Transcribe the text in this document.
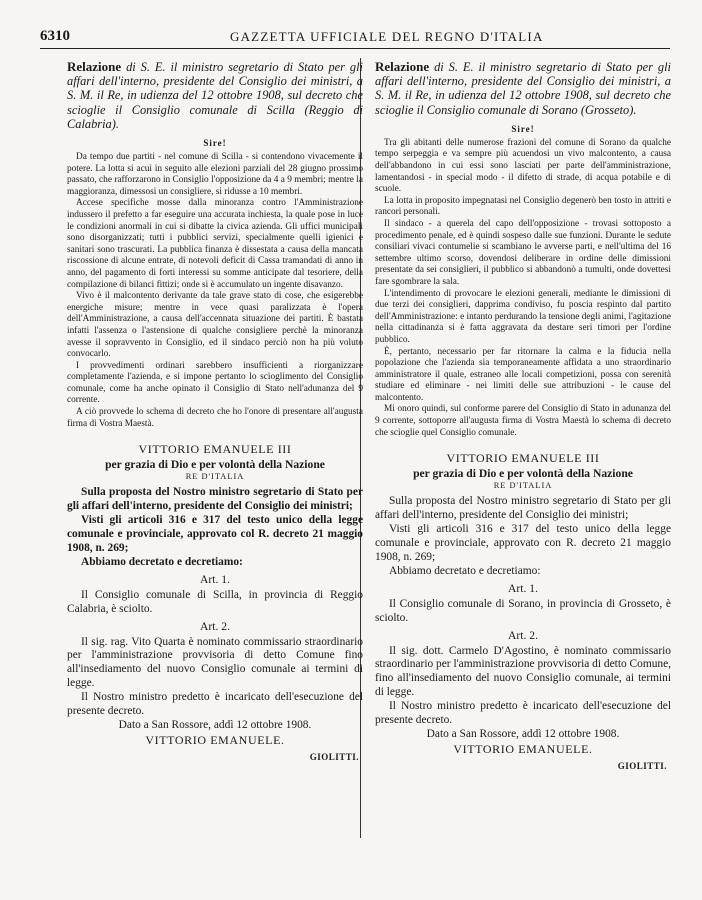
6310	GAZZETTA UFFICIALE DEL REGNO D'ITALIA

Relazione di S. E. il ministro segretario di Stato per gli affari dell'interno, presidente del Consiglio dei ministri, a S. M. il Re, in udienza del 12 ottobre 1908, sul decreto che scioglie il Consiglio comunale di Scilla (Reggio di Calabria).

Sire!

Da tempo due partiti - nel comune di Scilla - si contendono vivacemente il potere. La lotta si acuì in seguito alle elezioni parziali del 28 giugno prossimo passato, che rafforzarono in Consiglio l'opposizione da 4 a 9 membri; mentre la maggioranza, dimessosi un consigliere, si ridusse a 10 membri.

Accese specifiche mosse dalla minoranza contro l'Amministrazione indussero il prefetto a far eseguire una accurata inchiesta, la quale pose in luce le condizioni anormali in cui si dibatte la civica azienda. Gli uffici municipali sono disorganizzati; tutti i pubblici servizi, specialmente quelli igienici e sanitari sono trascurati. La pubblica finanza è dissestata a causa della mancata riscossione di alcune entrate, di notevoli deficit di Cassa tramandati di anno in anno, del pagamento di forti interessi su somme anticipate dal tesoriere, della compilazione di bilanci fittizi; onde si è accumulato un ingente disavanzo.

Vivo è il malcontento derivante da tale grave stato di cose, che esigerebbe energiche misure; mentre in vece quasi paralizzata è l'opera dell'Amministrazione, a causa dell'accennata situazione dei partiti. È bastata infatti l'assenza o l'astensione di qualche consigliere perchè la minoranza avesse il sopravvento in Consiglio, ed il sindaco perciò non ha più voluto convocarlo.

I provvedimenti ordinari sarebbero insufficienti a riorganizzare completamente l'azienda, e si impone pertanto lo scioglimento del Consiglio comunale, come ha anche opinato il Consiglio di Stato nell'adunanza del 9 corrente.

A ciò provvede lo schema di decreto che ho l'onore di presentare all'augusta firma di Vostra Maestà.

VITTORIO EMANUELE III
per grazia di Dio e per volontà della Nazione
RE D'ITALIA

Sulla proposta del Nostro ministro segretario di Stato per gli affari dell'interno, presidente del Consiglio dei ministri;

Visti gli articoli 316 e 317 del testo unico della legge comunale e provinciale, approvato col R. decreto 21 maggio 1908, n. 269;

Abbiamo decretato e decretiamo:

Art. 1.

Il Consiglio comunale di Scilla, in provincia di Reggio Calabria, è sciolto.

Art. 2.

Il sig. rag. Vito Quarta è nominato commissario straordinario per l'amministrazione provvisoria di detto Comune fino all'insediamento del nuovo Consiglio comunale ai termini di legge.

Il Nostro ministro predetto è incaricato dell'esecuzione del presente decreto.

Dato a San Rossore, addì 12 ottobre 1908.
VITTORIO EMANUELE.
GIOLITTI.

Relazione di S. E. il ministro segretario di Stato per gli affari dell'interno, presidente del Consiglio dei ministri, a S. M. il Re, in udienza del 12 ottobre 1908, sul decreto che scioglie il Consiglio comunale di Sorano (Grosseto).

Sire!

Tra gli abitanti delle numerose frazioni del comune di Sorano da qualche tempo serpeggia e va sempre più acuendosi un vivo malcontento, a causa dell'abbandono in cui essi sono lasciati per parte dell'amministrazione, lamentandosi - in special modo - il difetto di strade, di acqua potabile e di scuole.

La lotta in proposito impegnatasi nel Consiglio degenerò ben tosto in attriti e rancori personali.

Il sindaco - a querela del capo dell'opposizione - trovasi sottoposto a procedimento penale, ed è quindi sospeso dalle sue funzioni. Durante le sedute consiliari vivaci contumelie si scambiano le avverse parti, e nell'ultima del 16 settembre ultimo scorso, dovendosi deliberare in ordine delle dimissioni presentate da sei consiglieri, il pubblico si abbandonò a tumulti, onde dovettesi fare sgombrare la sala.

L'intendimento di provocare le elezioni generali, mediante le dimissioni di due terzi dei consiglieri, dapprima condiviso, fu poscia respinto dal partito dell'Amministrazione: e intanto perdurando la tensione degli animi, l'agitazione nella cittadinanza si è fatta aggravata da destare seri timori per l'ordine pubblico.

È, pertanto, necessario per far ritornare la calma e la fiducia nella popolazione che l'azienda sia temporaneamente affidata a uno straordinario amministratore il quale, estraneo alle locali competizioni, possa con serenità studiare ed eliminare - nei limiti delle sue attribuzioni - le cause del malcontento.

Mi onoro quindi, sul conforme parere del Consiglio di Stato in adunanza del 9 corrente, sottoporre all'augusta firma di Vostra Maestà lo schema di decreto che scioglie quel Consiglio comunale.

VITTORIO EMANUELE III
per grazia di Dio e per volontà della Nazione
RE D'ITALIA

Sulla proposta del Nostro ministro segretario di Stato per gli affari dell'interno, presidente del Consiglio dei ministri;

Visti gli articoli 316 e 317 del testo unico della legge comunale e provinciale, approvato con R. decreto 21 maggio 1908, n. 269;

Abbiamo decretato e decretiamo:

Art. 1.

Il Consiglio comunale di Sorano, in provincia di Grosseto, è sciolto.

Art. 2.

Il sig. dott. Carmelo D'Agostino, è nominato commissario straordinario per l'amministrazione provvisoria di detto Comune, fino all'insediamento del nuovo Consiglio comunale, ai termini di legge.

Il Nostro ministro predetto è incaricato dell'esecuzione del presente decreto.

Dato a San Rossore, addì 12 ottobre 1908.
VITTORIO EMANUELE.
GIOLITTI.
